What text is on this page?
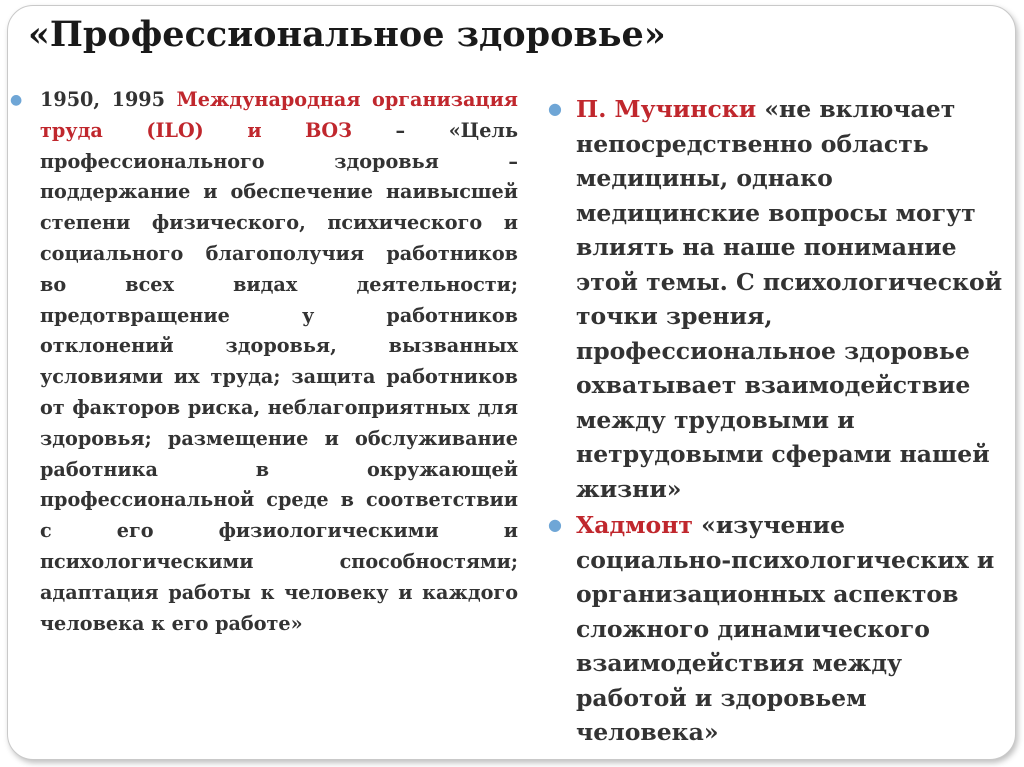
«Профессиональное здоровье»

● 1950, 1995 Международная организация труда (ILO) и ВОЗ – «Цель профессионального здоровья – поддержание и обеспечение наивысшей степени физического, психического и социального благополучия работников во всех видах деятельности; предотвращение у работников отклонений здоровья, вызванных условиями их труда; защита работников от факторов риска, неблагоприятных для здоровья; размещение и обслуживание работника в окружающей профессиональной среде в соответствии с его физиологическими и психологическими способностями; адаптация работы к человеку и каждого человека к его работе»

● П. Мучински «не включает непосредственно область медицины, однако медицинские вопросы могут влиять на наше понимание этой темы. С психологической точки зрения, профессиональное здоровье охватывает взаимодействие между трудовыми и нетрудовыми сферами нашей жизни»

● Хадмонт «изучение социально-психологических и организационных аспектов сложного динамического взаимодействия между работой и здоровьем человека»
